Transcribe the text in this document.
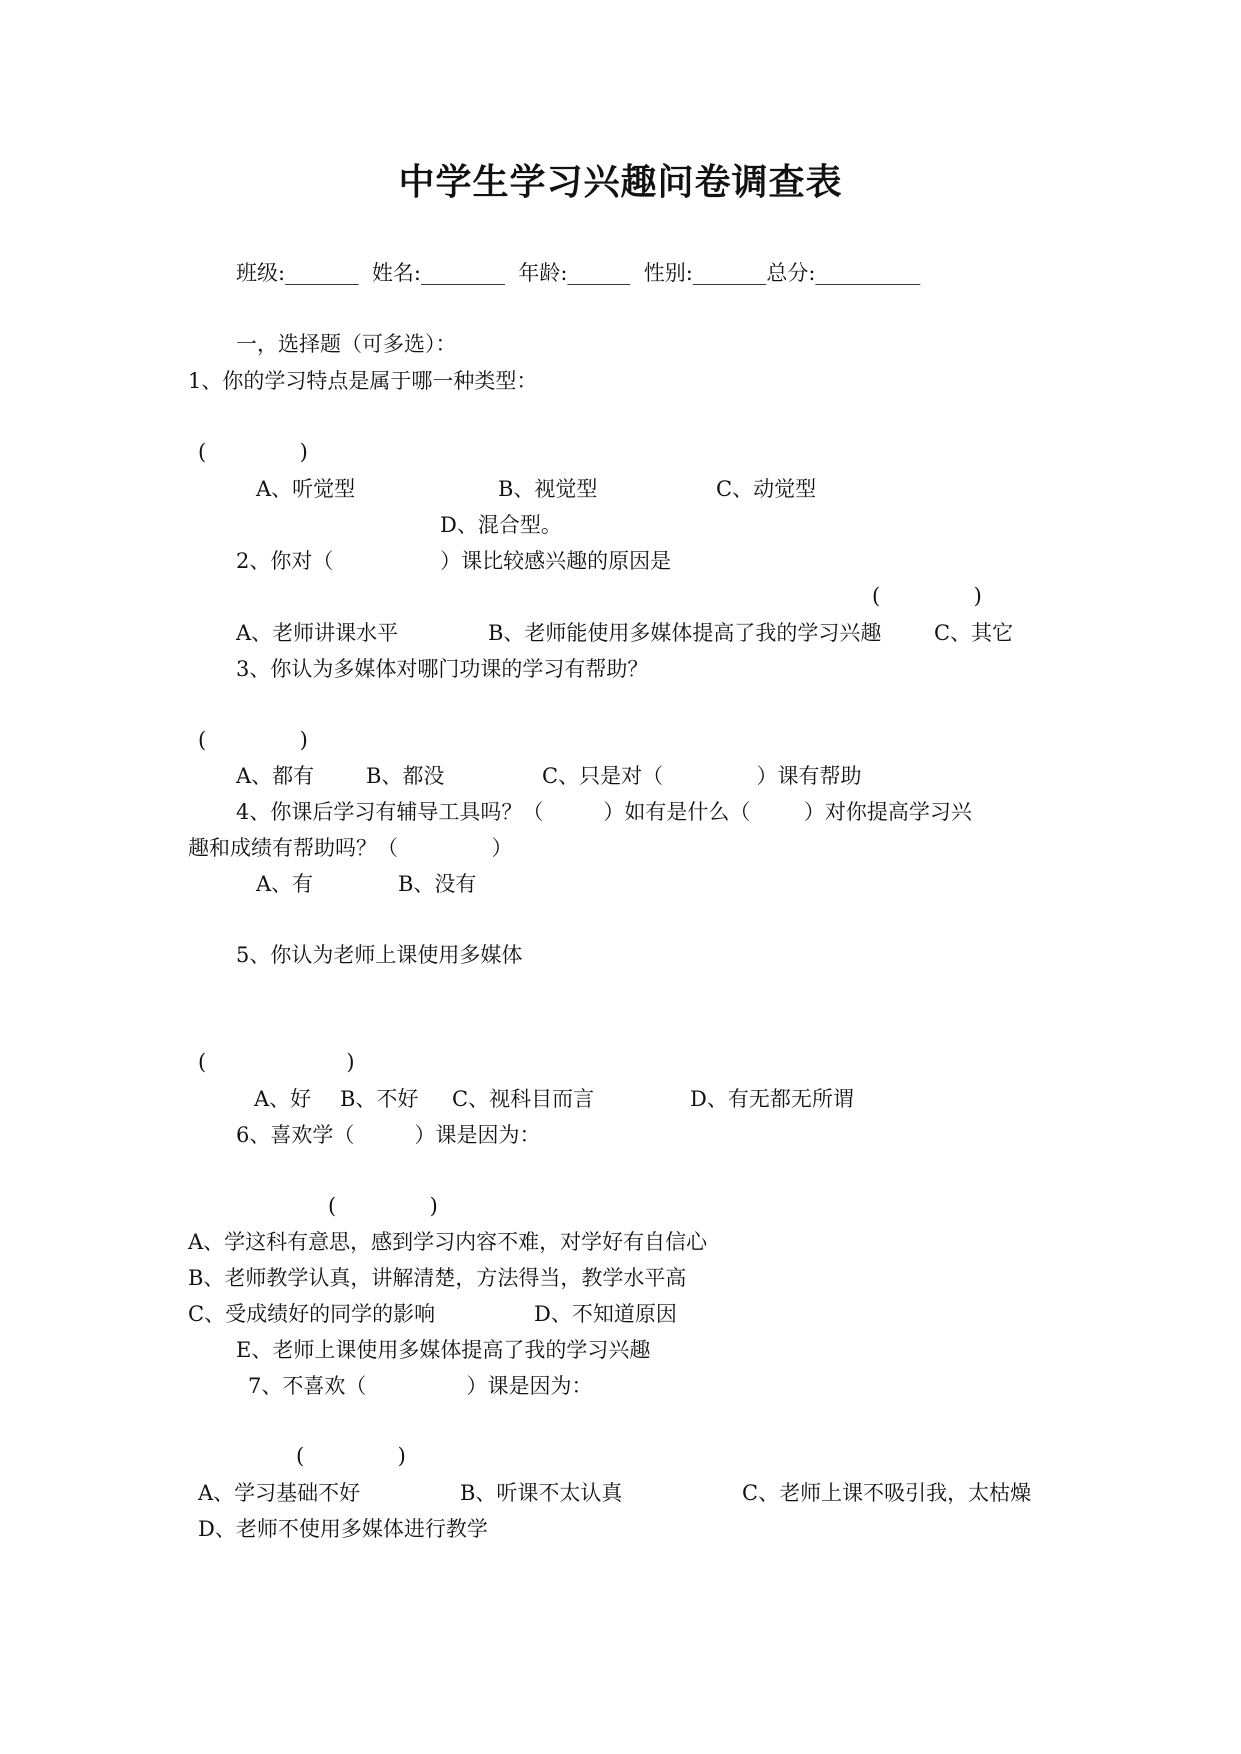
中学生学习兴趣问卷调查表
班级:_______  姓名:________  年龄:______  性别:_______总分:__________
一，选择题（可多选）：
1、你的学习特点是属于哪一种类型：
(              )
A、听觉型	B、视觉型	C、动觉型
D、混合型。
2、你对（                ）课比较感兴趣的原因是
(              )
A、老师讲课水平	B、老师能使用多媒体提高了我的学习兴趣	C、其它
3、你认为多媒体对哪门功课的学习有帮助？
(              )
A、都有 B、都没	C、只是对（              ）课有帮助
4、你课后学习有辅导工具吗？（         ）如有是什么（        ）对你提高学习兴
趣和成绩有帮助吗？（              ）
A、有	B、没有
5、你认为老师上课使用多媒体
(                     )
A、好 B、不好 C、视科目而言	D、有无都无所谓
6、喜欢学（         ）课是因为：
(              )
A、学这科有意思，感到学习内容不难，对学好有自信心
B、老师教学认真，讲解清楚，方法得当，教学水平高
C、受成绩好的同学的影响	D、不知道原因
E、老师上课使用多媒体提高了我的学习兴趣
7、不喜欢（               ）课是因为：
(              )
A、学习基础不好	B、听课不太认真	C、老师上课不吸引我，太枯燥
D、老师不使用多媒体进行教学
